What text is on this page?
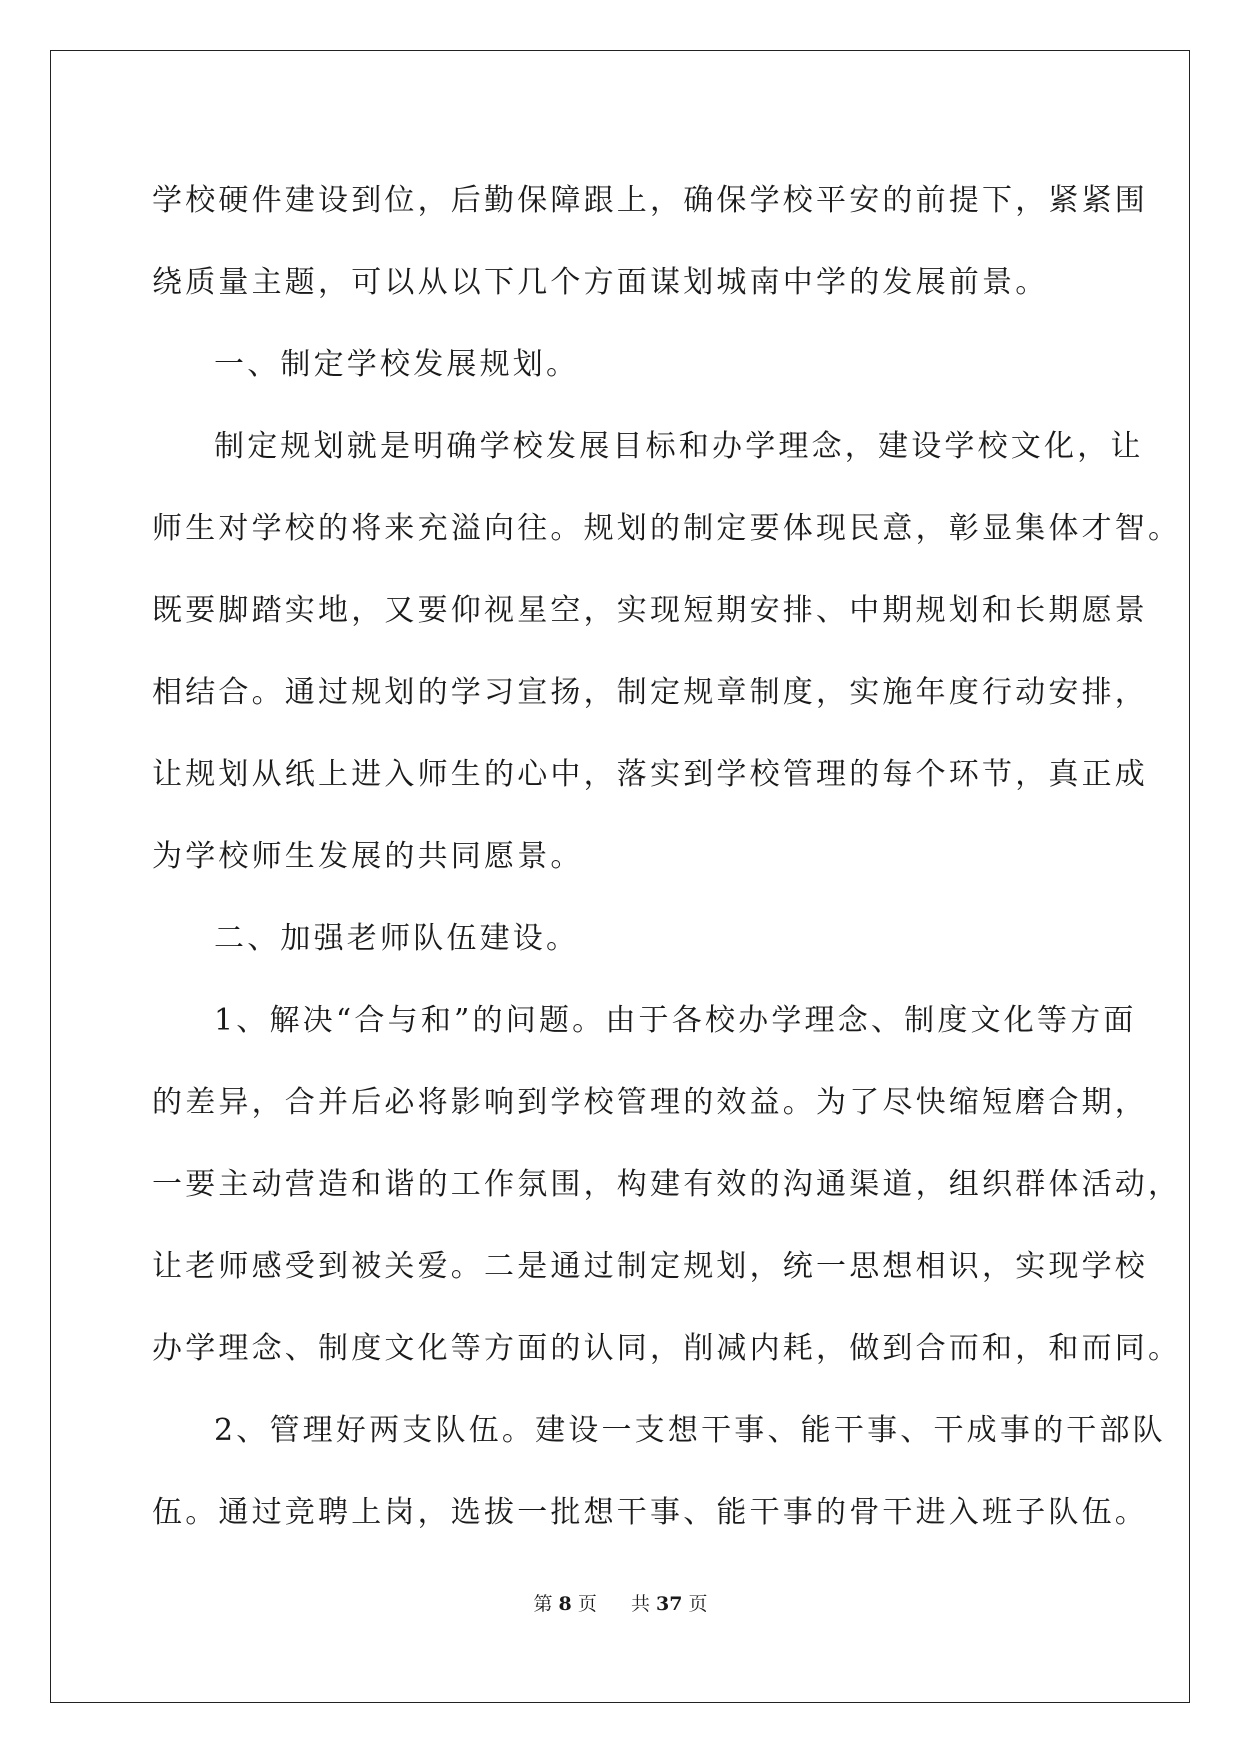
学校硬件建设到位，后勤保障跟上，确保学校平安的前提下，紧紧围
绕质量主题，可以从以下几个方面谋划城南中学的发展前景。
一、制定学校发展规划。
制定规划就是明确学校发展目标和办学理念，建设学校文化，让
师生对学校的将来充溢向往。规划的制定要体现民意，彰显集体才智。
既要脚踏实地，又要仰视星空，实现短期安排、中期规划和长期愿景
相结合。通过规划的学习宣扬，制定规章制度，实施年度行动安排，
让规划从纸上进入师生的心中，落实到学校管理的每个环节，真正成
为学校师生发展的共同愿景。
二、加强老师队伍建设。
1、解决“合与和”的问题。由于各校办学理念、制度文化等方面
的差异，合并后必将影响到学校管理的效益。为了尽快缩短磨合期，
一要主动营造和谐的工作氛围，构建有效的沟通渠道，组织群体活动，
让老师感受到被关爱。二是通过制定规划，统一思想相识，实现学校
办学理念、制度文化等方面的认同，削减内耗，做到合而和，和而同。
2、管理好两支队伍。建设一支想干事、能干事、干成事的干部队
伍。通过竞聘上岗，选拔一批想干事、能干事的骨干进入班子队伍。
第 8 页 共 37 页
